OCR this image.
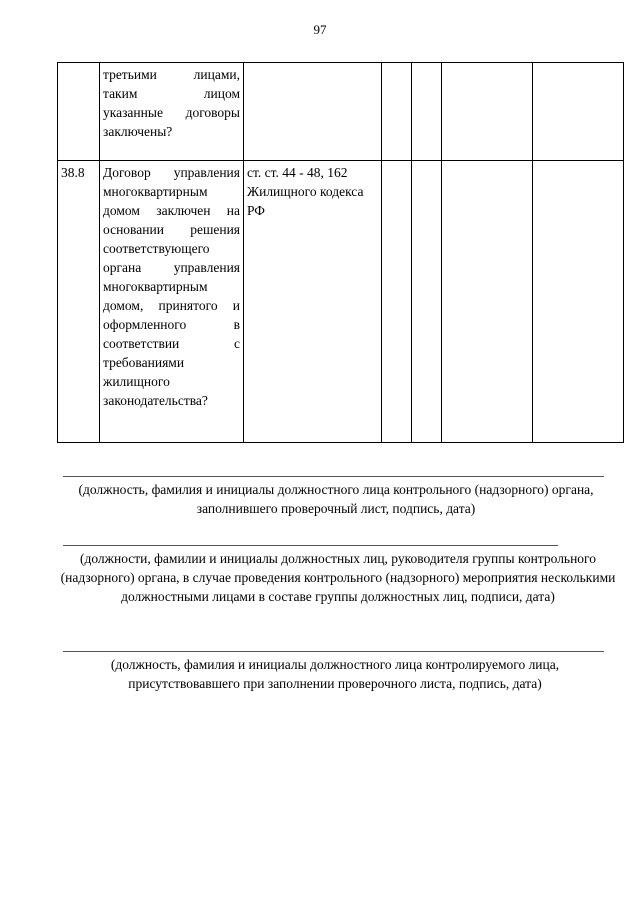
97
	третьими лицами, таким лицом указанные договоры заключены?					
38.8	Договор управления многоквартирным домом заключен на основании решения соответствующего органа управления многоквартирным домом, принятого и оформленного в соответствии с требованиями жилищного законодательства?	ст. ст. 44 - 48, 162 Жилищного кодекса РФ				
(должность, фамилия и инициалы должностного лица контрольного (надзорного) органа, заполнившего проверочный лист, подпись, дата)
(должности, фамилии и инициалы должностных лиц, руководителя группы контрольного (надзорного) органа, в случае проведения контрольного (надзорного) мероприятия несколькими должностными лицами в составе группы должностных лиц, подписи, дата)
(должность, фамилия и инициалы должностного лица контролируемого лица, присутствовавшего при заполнении проверочного листа, подпись, дата)
